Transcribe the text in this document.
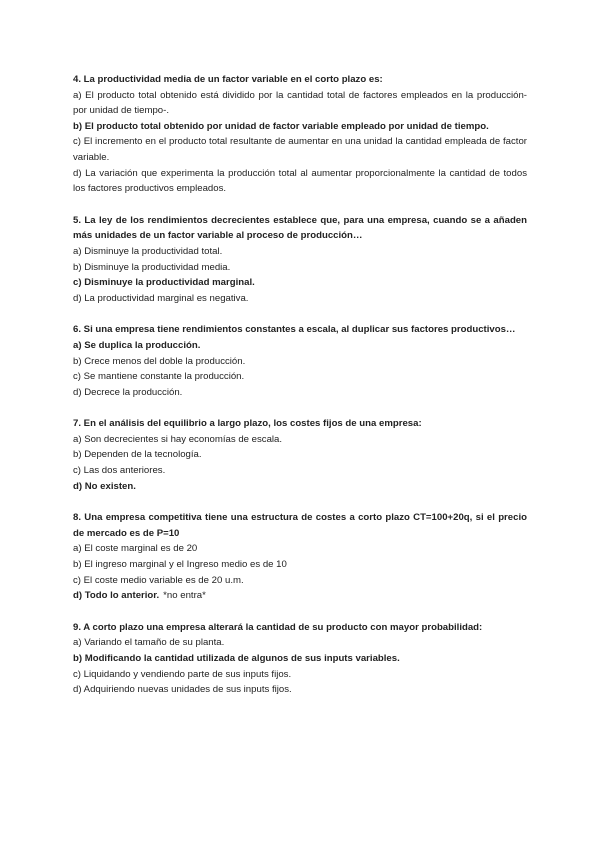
4. La productividad media de un factor variable en el corto plazo es:
a) El producto total obtenido está dividido por la cantidad total de factores empleados en la producción- por unidad de tiempo-.
b) El producto total obtenido por unidad de factor variable empleado por unidad de tiempo.
c) El incremento en el producto total resultante de aumentar en una unidad la cantidad empleada de factor variable.
d) La variación que experimenta la producción total al aumentar proporcionalmente la cantidad de todos los factores productivos empleados.
5. La ley de los rendimientos decrecientes establece que, para una empresa, cuando se a añaden más unidades de un factor variable al proceso de producción…
a) Disminuye la productividad total.
b) Disminuye la productividad media.
c) Disminuye la productividad marginal.
d) La productividad marginal es negativa.
6. Si una empresa tiene rendimientos constantes a escala, al duplicar sus factores productivos…
a) Se duplica la producción.
b) Crece menos del doble la producción.
c) Se mantiene constante la producción.
d) Decrece la producción.
7. En el análisis del equilibrio a largo plazo, los costes fijos de una empresa:
a) Son decrecientes si hay economías de escala.
b) Dependen de la tecnología.
c) Las dos anteriores.
d) No existen.
8. Una empresa competitiva tiene una estructura de costes a corto plazo CT=100+20q, si el precio de mercado es de P=10
a) El coste marginal es de 20
b) El ingreso marginal y el Ingreso medio es de 10
c) El coste medio variable es de 20 u.m.
d) Todo lo anterior. *no entra*
9. A corto plazo una empresa alterará la cantidad de su producto con mayor probabilidad:
a) Variando el tamaño de su planta.
b) Modificando la cantidad utilizada de algunos de sus inputs variables.
c) Liquidando y vendiendo parte de sus inputs fijos.
d) Adquiriendo nuevas unidades de sus inputs fijos.
